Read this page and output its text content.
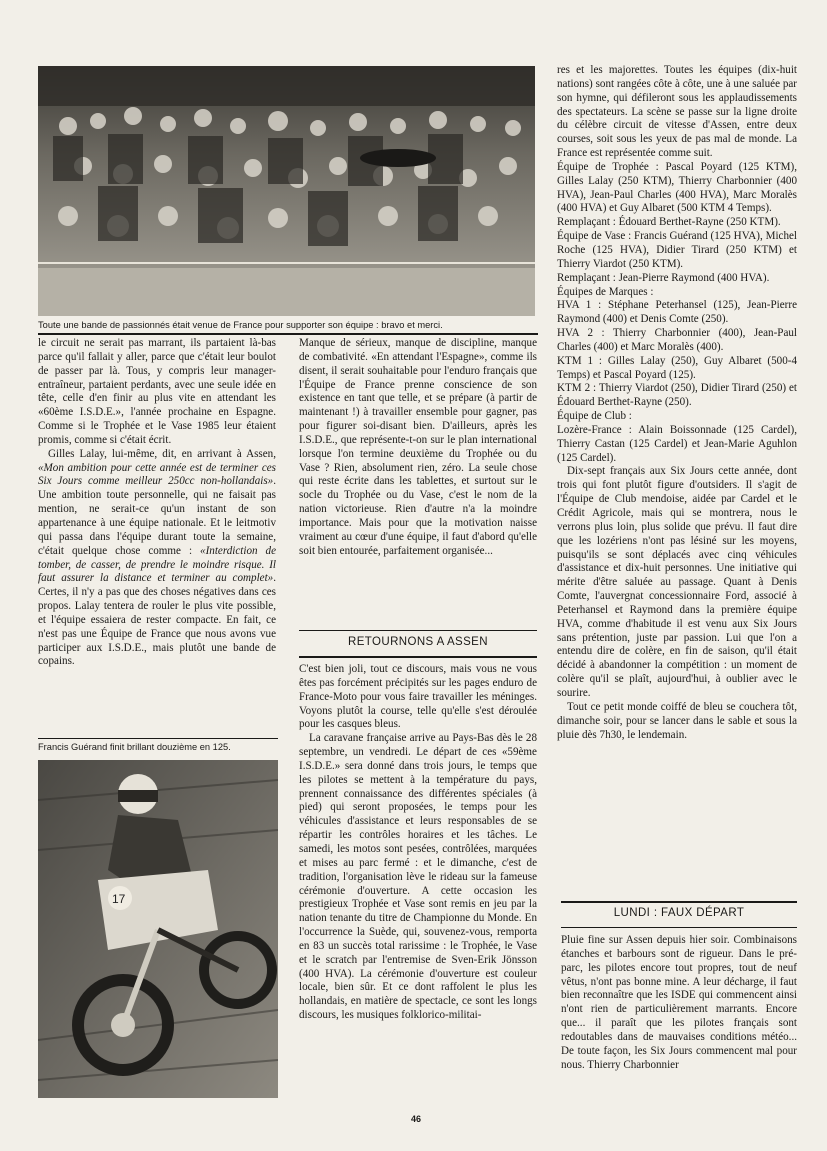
Toute une bande de passionnés était venue de France pour supporter son équipe : bravo et merci.

le circuit ne serait pas marrant, ils partaient là-bas parce qu'il fallait y aller, parce que c'était leur boulot de passer par là. Tous, y compris leur manager-entraîneur, partaient perdants, avec une seule idée en tête, celle d'en finir au plus vite en attendant les «60ème I.S.D.E.», l'année prochaine en Espagne. Comme si le Trophée et le Vase 1985 leur étaient promis, comme si c'était écrit.

Gilles Lalay, lui-même, dit, en arrivant à Assen, «Mon ambition pour cette année est de terminer ces Six Jours comme meilleur 250cc non-hollandais». Une ambition toute personnelle, qui ne faisait pas mention, ne serait-ce qu'un instant de son appartenance à une équipe nationale. Et le leitmotiv qui passa dans l'équipe durant toute la semaine, c'était quelque chose comme : «Interdiction de tomber, de casser, de prendre le moindre risque. Il faut assurer la distance et terminer au complet». Certes, il n'y a pas que des choses négatives dans ces propos. Lalay tentera de rouler le plus vite possible, et l'équipe essaiera de rester compacte. En fait, ce n'est pas une Équipe de France que nous avons vue participer aux I.S.D.E., mais plutôt une bande de copains.

Francis Guérand finit brillant douzième en 125.
17

Manque de sérieux, manque de discipline, manque de combativité. «En attendant l'Espagne», comme ils disent, il serait souhaitable pour l'enduro français que l'Équipe de France prenne conscience de son existence en tant que telle, et se prépare (à partir de maintenant !) à travailler ensemble pour gagner, pas pour figurer soi-disant bien. D'ailleurs, après les I.S.D.E., que représente-t-on sur le plan international lorsque l'on termine deuxième du Trophée ou du Vase ? Rien, absolument rien, zéro. La seule chose qui reste écrite dans les tablettes, et surtout sur le socle du Trophée ou du Vase, c'est le nom de la nation victorieuse. Rien d'autre n'a la moindre importance. Mais pour que la motivation naisse vraiment au cœur d'une équipe, il faut d'abord qu'elle soit bien entourée, parfaitement organisée...

RETOURNONS A ASSEN

C'est bien joli, tout ce discours, mais vous ne vous êtes pas forcément précipités sur les pages enduro de France-Moto pour vous faire travailler les méninges. Voyons plutôt la course, telle qu'elle s'est déroulée pour les casques bleus.

La caravane française arrive au Pays-Bas dès le 28 septembre, un vendredi. Le départ de ces «59ème I.S.D.E.» sera donné dans trois jours, le temps que les pilotes se mettent à la température du pays, prennent connaissance des différentes spéciales (à pied) qui seront proposées, le temps pour les véhicules d'assistance et leurs responsables de se répartir les contrôles horaires et les tâches. Le samedi, les motos sont pesées, contrôlées, marquées et mises au parc fermé : et le dimanche, c'est de tradition, l'organisation lève le rideau sur la fameuse cérémonie d'ouverture. A cette occasion les prestigieux Trophée et Vase sont remis en jeu par la nation tenante du titre de Championne du Monde. En l'occurrence la Suède, qui, souvenez-vous, remporta en 83 un succès total rarissime : le Trophée, le Vase et le scratch par l'entremise de Sven-Erik Jönsson (400 HVA). La cérémonie d'ouverture est couleur locale, bien sûr. Et ce dont raffolent le plus les hollandais, en matière de spectacle, ce sont les longs discours, les musiques folklorico-militai-

res et les majorettes. Toutes les équipes (dix-huit nations) sont rangées côte à côte, une à une saluée par son hymne, qui défileront sous les applaudissements des spectateurs. La scène se passe sur la ligne droite du célèbre circuit de vitesse d'Assen, entre deux courses, soit sous les yeux de pas mal de monde. La France est représentée comme suit.

Équipe de Trophée : Pascal Poyard (125 KTM), Gilles Lalay (250 KTM), Thierry Charbonnier (400 HVA), Jean-Paul Charles (400 HVA), Marc Moralès (400 HVA) et Guy Albaret (500 KTM 4 Temps).

Remplaçant : Édouard Berthet-Rayne (250 KTM).

Équipe de Vase : Francis Guérand (125 HVA), Michel Roche (125 HVA), Didier Tirard (250 KTM) et Thierry Viardot (250 KTM).

Remplaçant : Jean-Pierre Raymond (400 HVA).

Équipes de Marques :

HVA 1 : Stéphane Peterhansel (125), Jean-Pierre Raymond (400) et Denis Comte (250).

HVA 2 : Thierry Charbonnier (400), Jean-Paul Charles (400) et Marc Moralès (400).

KTM 1 : Gilles Lalay (250), Guy Albaret (500-4 Temps) et Pascal Poyard (125).

KTM 2 : Thierry Viardot (250), Didier Tirard (250) et Édouard Berthet-Rayne (250).

Équipe de Club :

Lozère-France : Alain Boissonnade (125 Cardel), Thierry Castan (125 Cardel) et Jean-Marie Aguhlon (125 Cardel).

Dix-sept français aux Six Jours cette année, dont trois qui font plutôt figure d'outsiders. Il s'agit de l'Équipe de Club mendoise, aidée par Cardel et le Crédit Agricole, mais qui se montrera, nous le verrons plus loin, plus solide que prévu. Il faut dire que les lozériens n'ont pas lésiné sur les moyens, puisqu'ils se sont déplacés avec cinq véhicules d'assistance et dix-huit personnes. Une initiative qui mérite d'être saluée au passage. Quant à Denis Comte, l'auvergnat concessionnaire Ford, associé à Peterhansel et Raymond dans la première équipe HVA, comme d'habitude il est venu aux Six Jours sans prétention, juste par passion. Lui que l'on a entendu dire de colère, en fin de saison, qu'il était décidé à abandonner la compétition : un moment de colère qu'il se plaît, aujourd'hui, à oublier avec le sourire.

Tout ce petit monde coiffé de bleu se couchera tôt, dimanche soir, pour se lancer dans le sable et sous la pluie dès 7h30, le lendemain.

LUNDI : FAUX DÉPART

Pluie fine sur Assen depuis hier soir. Combinaisons étanches et barbours sont de rigueur. Dans le pré-parc, les pilotes encore tout propres, tout de neuf vêtus, n'ont pas bonne mine. A leur décharge, il faut bien reconnaître que les ISDE qui commencent ainsi n'ont rien de particulièrement marrants. Encore que... il paraît que les pilotes français sont redoutables dans de mauvaises conditions météo... De toute façon, les Six Jours commencent mal pour nous. Thierry Charbonnier

46
